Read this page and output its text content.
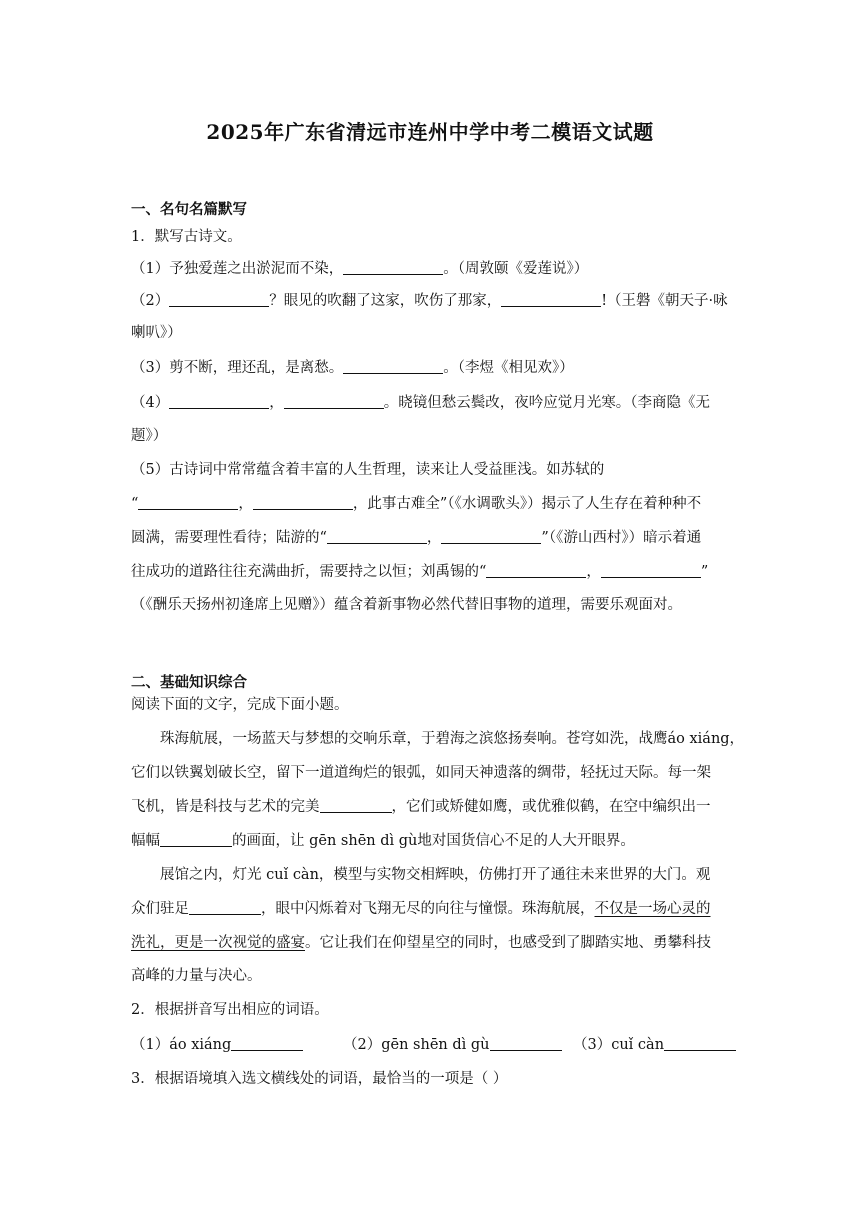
2025年广东省清远市连州中学中考二模语文试题
一、名句名篇默写
1．默写古诗文。
（1）予独爱莲之出淤泥而不染，	。（周敦颐《爱莲说》）
（2）	？眼见的吹翻了这家，吹伤了那家，	!（王磐《朝天子·咏
喇叭》）
（3）剪不断，理还乱，是离愁。	。（李煜《相见欢》）
（4）	，	。晓镜但愁云鬓改，夜吟应觉月光寒。（李商隐《无
题》）
（5）古诗词中常常蕴含着丰富的人生哲理，读来让人受益匪浅。如苏轼的
“	，	，此事古难全”（《水调歌头》）揭示了人生存在着种种不
圆满，需要理性看待；陆游的“	，	”（《游山西村》）暗示着通
往成功的道路往往充满曲折，需要持之以恒；刘禹锡的“	，	”
（《酬乐天扬州初逢席上见赠》）蕴含着新事物必然代替旧事物的道理，需要乐观面对。
二、基础知识综合
阅读下面的文字，完成下面小题。
珠海航展，一场蓝天与梦想的交响乐章，于碧海之滨悠扬奏响。苍穹如洗，战鹰áo xiáng，
它们以铁翼划破长空，留下一道道绚烂的银弧，如同天神遗落的绸带，轻抚过天际。每一架
飞机，皆是科技与艺术的完美	，它们或矫健如鹰，或优雅似鹤，在空中编织出一
幅幅	的画面，让 gēn shēn dì gù地对国货信心不足的人大开眼界。
展馆之内，灯光 cuǐ càn，模型与实物交相辉映，仿佛打开了通往未来世界的大门。观
众们驻足	，眼中闪烁着对飞翔无尽的向往与憧憬。珠海航展，不仅是一场心灵的
洗礼，更是一次视觉的盛宴。它让我们在仰望星空的同时，也感受到了脚踏实地、勇攀科技
高峰的力量与决心。
2．根据拼音写出相应的词语。
（1）áo xiáng	（2）gēn shēn dì gù	（3）cuǐ càn
3．根据语境填入选文横线处的词语，最恰当的一项是（ ）
